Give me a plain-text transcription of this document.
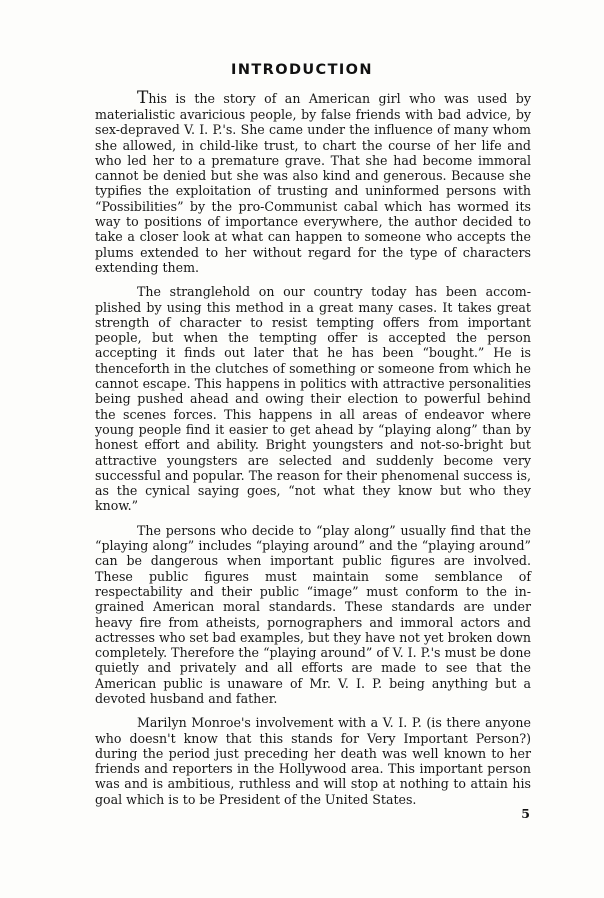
INTRODUCTION

This is the story of an American girl who was used by materialistic avaricious people, by false friends with bad advice, by sex-depraved V. I. P.'s. She came under the influence of many whom she allowed, in child-like trust, to chart the course of her life and who led her to a premature grave. That she had become immoral cannot be denied but she was also kind and generous. Because she typifies the exploitation of trusting and uninformed persons with “Possibilities” by the pro-Communist cabal which has wormed its way to positions of importance everywhere, the author decided to take a closer look at what can happen to someone who accepts the plums extended to her without regard for the type of characters extending them.

The stranglehold on our country today has been accomplished by using this method in a great many cases. It takes great strength of character to resist tempting offers from important people, but when the tempting offer is accepted the person accepting it finds out later that he has been “bought.” He is thenceforth in the clutches of something or someone from which he cannot escape. This happens in politics with attractive personalities being pushed ahead and owing their election to powerful behind the scenes forces. This happens in all areas of endeavor where young people find it easier to get ahead by “playing along” than by honest effort and ability. Bright youngsters and not-so-bright but attractive youngsters are selected and suddenly become very successful and popular. The reason for their phenomenal success is, as the cynical saying goes, “not what they know but who they know.”

The persons who decide to “play along” usually find that the “playing along” includes “playing around” and the “playing around” can be dangerous when important public figures are involved. These public figures must maintain some semblance of respectability and their public “image” must conform to the ingrained American moral standards. These standards are under heavy fire from atheists, pornographers and immoral actors and actresses who set bad examples, but they have not yet broken down completely. Therefore the “playing around” of V. I. P.'s must be done quietly and privately and all efforts are made to see that the American public is unaware of Mr. V. I. P. being anything but a devoted husband and father.

Marilyn Monroe's involvement with a V. I. P. (is there anyone who doesn't know that this stands for Very Important Person?) during the period just preceding her death was well known to her friends and reporters in the Hollywood area. This important person was and is ambitious, ruthless and will stop at nothing to attain his goal which is to be President of the United States.

5
